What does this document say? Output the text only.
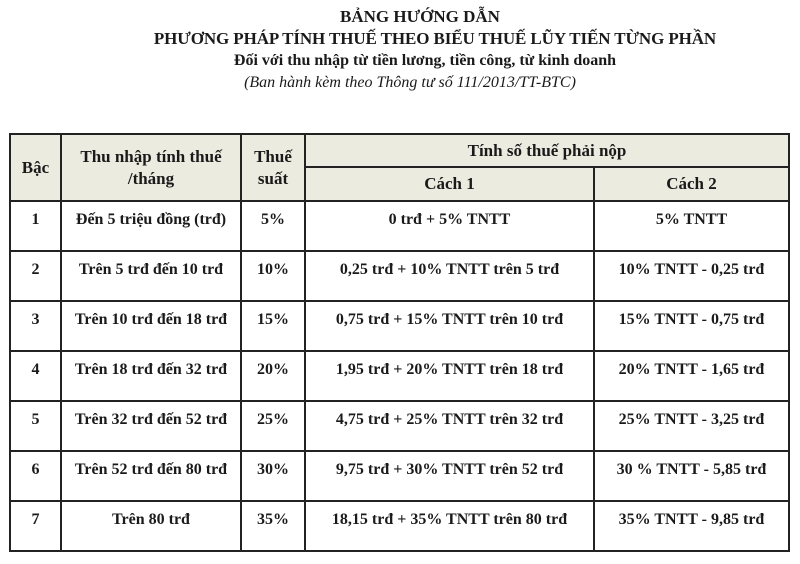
BẢNG HƯỚNG DẪN
PHƯƠNG PHÁP TÍNH THUẾ THEO BIỂU THUẾ LŨY TIẾN TỪNG PHẦN
Đối với thu nhập từ tiền lương, tiền công, từ kinh doanh
(Ban hành kèm theo Thông tư số 111/2013/TT-BTC)
Bậc	Thu nhập tính thuế /tháng	Thuế suất	Tính số thuế phải nộp	
			Cách 1	Cách 2
1	Đến 5 triệu đồng (trđ)	5%	0 trđ + 5% TNTT	5% TNTT
2	Trên 5 trđ đến 10 trđ	10%	0,25 trđ + 10% TNTT trên 5 trđ	10% TNTT - 0,25 trđ
3	Trên 10 trđ đến 18 trđ	15%	0,75 trđ + 15% TNTT trên 10 trđ	15% TNTT - 0,75 trđ
4	Trên 18 trđ đến 32 trđ	20%	1,95 trđ + 20% TNTT trên 18 trđ	20% TNTT - 1,65 trđ
5	Trên 32 trđ đến 52 trđ	25%	4,75 trđ + 25% TNTT trên 32 trđ	25% TNTT - 3,25 trđ
6	Trên 52 trđ đến 80 trđ	30%	9,75 trđ + 30% TNTT trên 52 trđ	30 % TNTT - 5,85 trđ
7	Trên 80 trđ	35%	18,15 trđ + 35% TNTT trên 80 trđ	35% TNTT - 9,85 trđ
